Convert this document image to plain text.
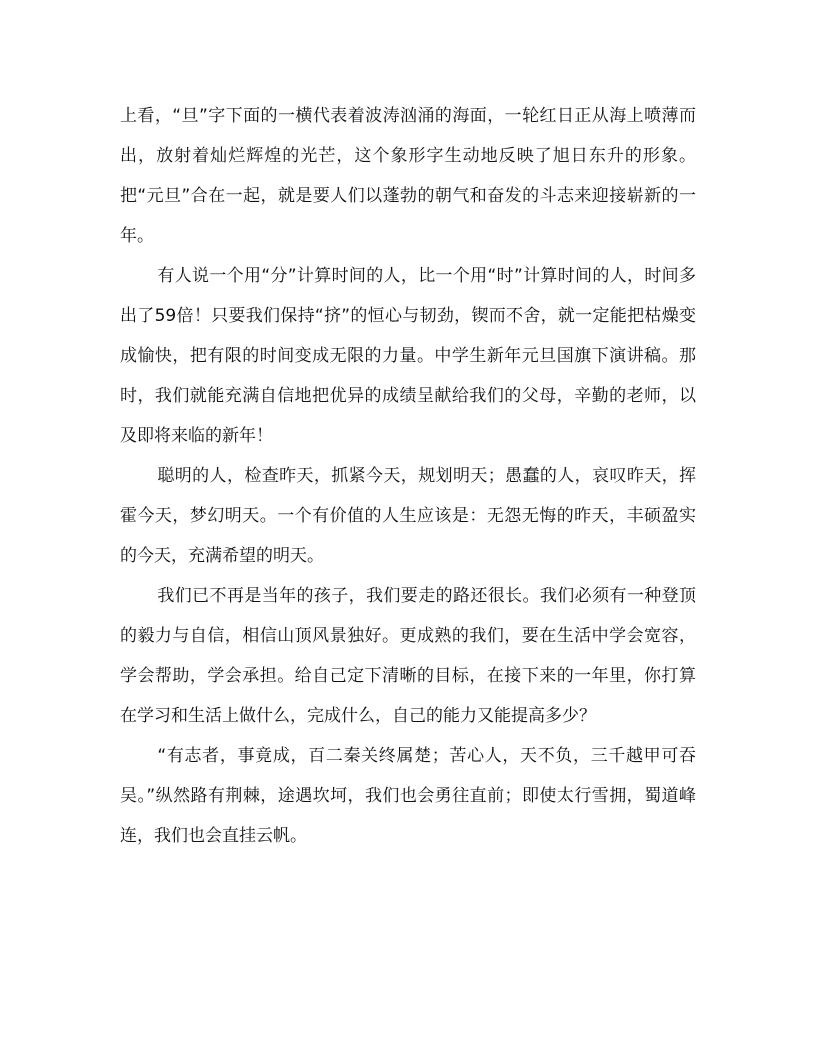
上看，“旦”字下面的一横代表着波涛汹涌的海面，一轮红日正从海上喷薄而出，放射着灿烂辉煌的光芒，这个象形字生动地反映了旭日东升的形象。把“元旦”合在一起，就是要人们以蓬勃的朝气和奋发的斗志来迎接崭新的一年。

有人说一个用“分”计算时间的人，比一个用“时”计算时间的人，时间多出了59倍！只要我们保持“挤”的恒心与韧劲，锲而不舍，就一定能把枯燥变成愉快，把有限的时间变成无限的力量。中学生新年元旦国旗下演讲稿。那时，我们就能充满自信地把优异的成绩呈献给我们的父母，辛勤的老师，以及即将来临的新年！

聪明的人，检查昨天，抓紧今天，规划明天；愚蠢的人，哀叹昨天，挥霍今天，梦幻明天。一个有价值的人生应该是：无怨无悔的昨天，丰硕盈实的今天，充满希望的明天。

我们已不再是当年的孩子，我们要走的路还很长。我们必须有一种登顶的毅力与自信，相信山顶风景独好。更成熟的我们，要在生活中学会宽容，学会帮助，学会承担。给自己定下清晰的目标，在接下来的一年里，你打算在学习和生活上做什么，完成什么，自己的能力又能提高多少？

“有志者，事竟成，百二秦关终属楚；苦心人，天不负，三千越甲可吞吴。”纵然路有荆棘，途遇坎坷，我们也会勇往直前；即使太行雪拥，蜀道峰连，我们也会直挂云帆。
